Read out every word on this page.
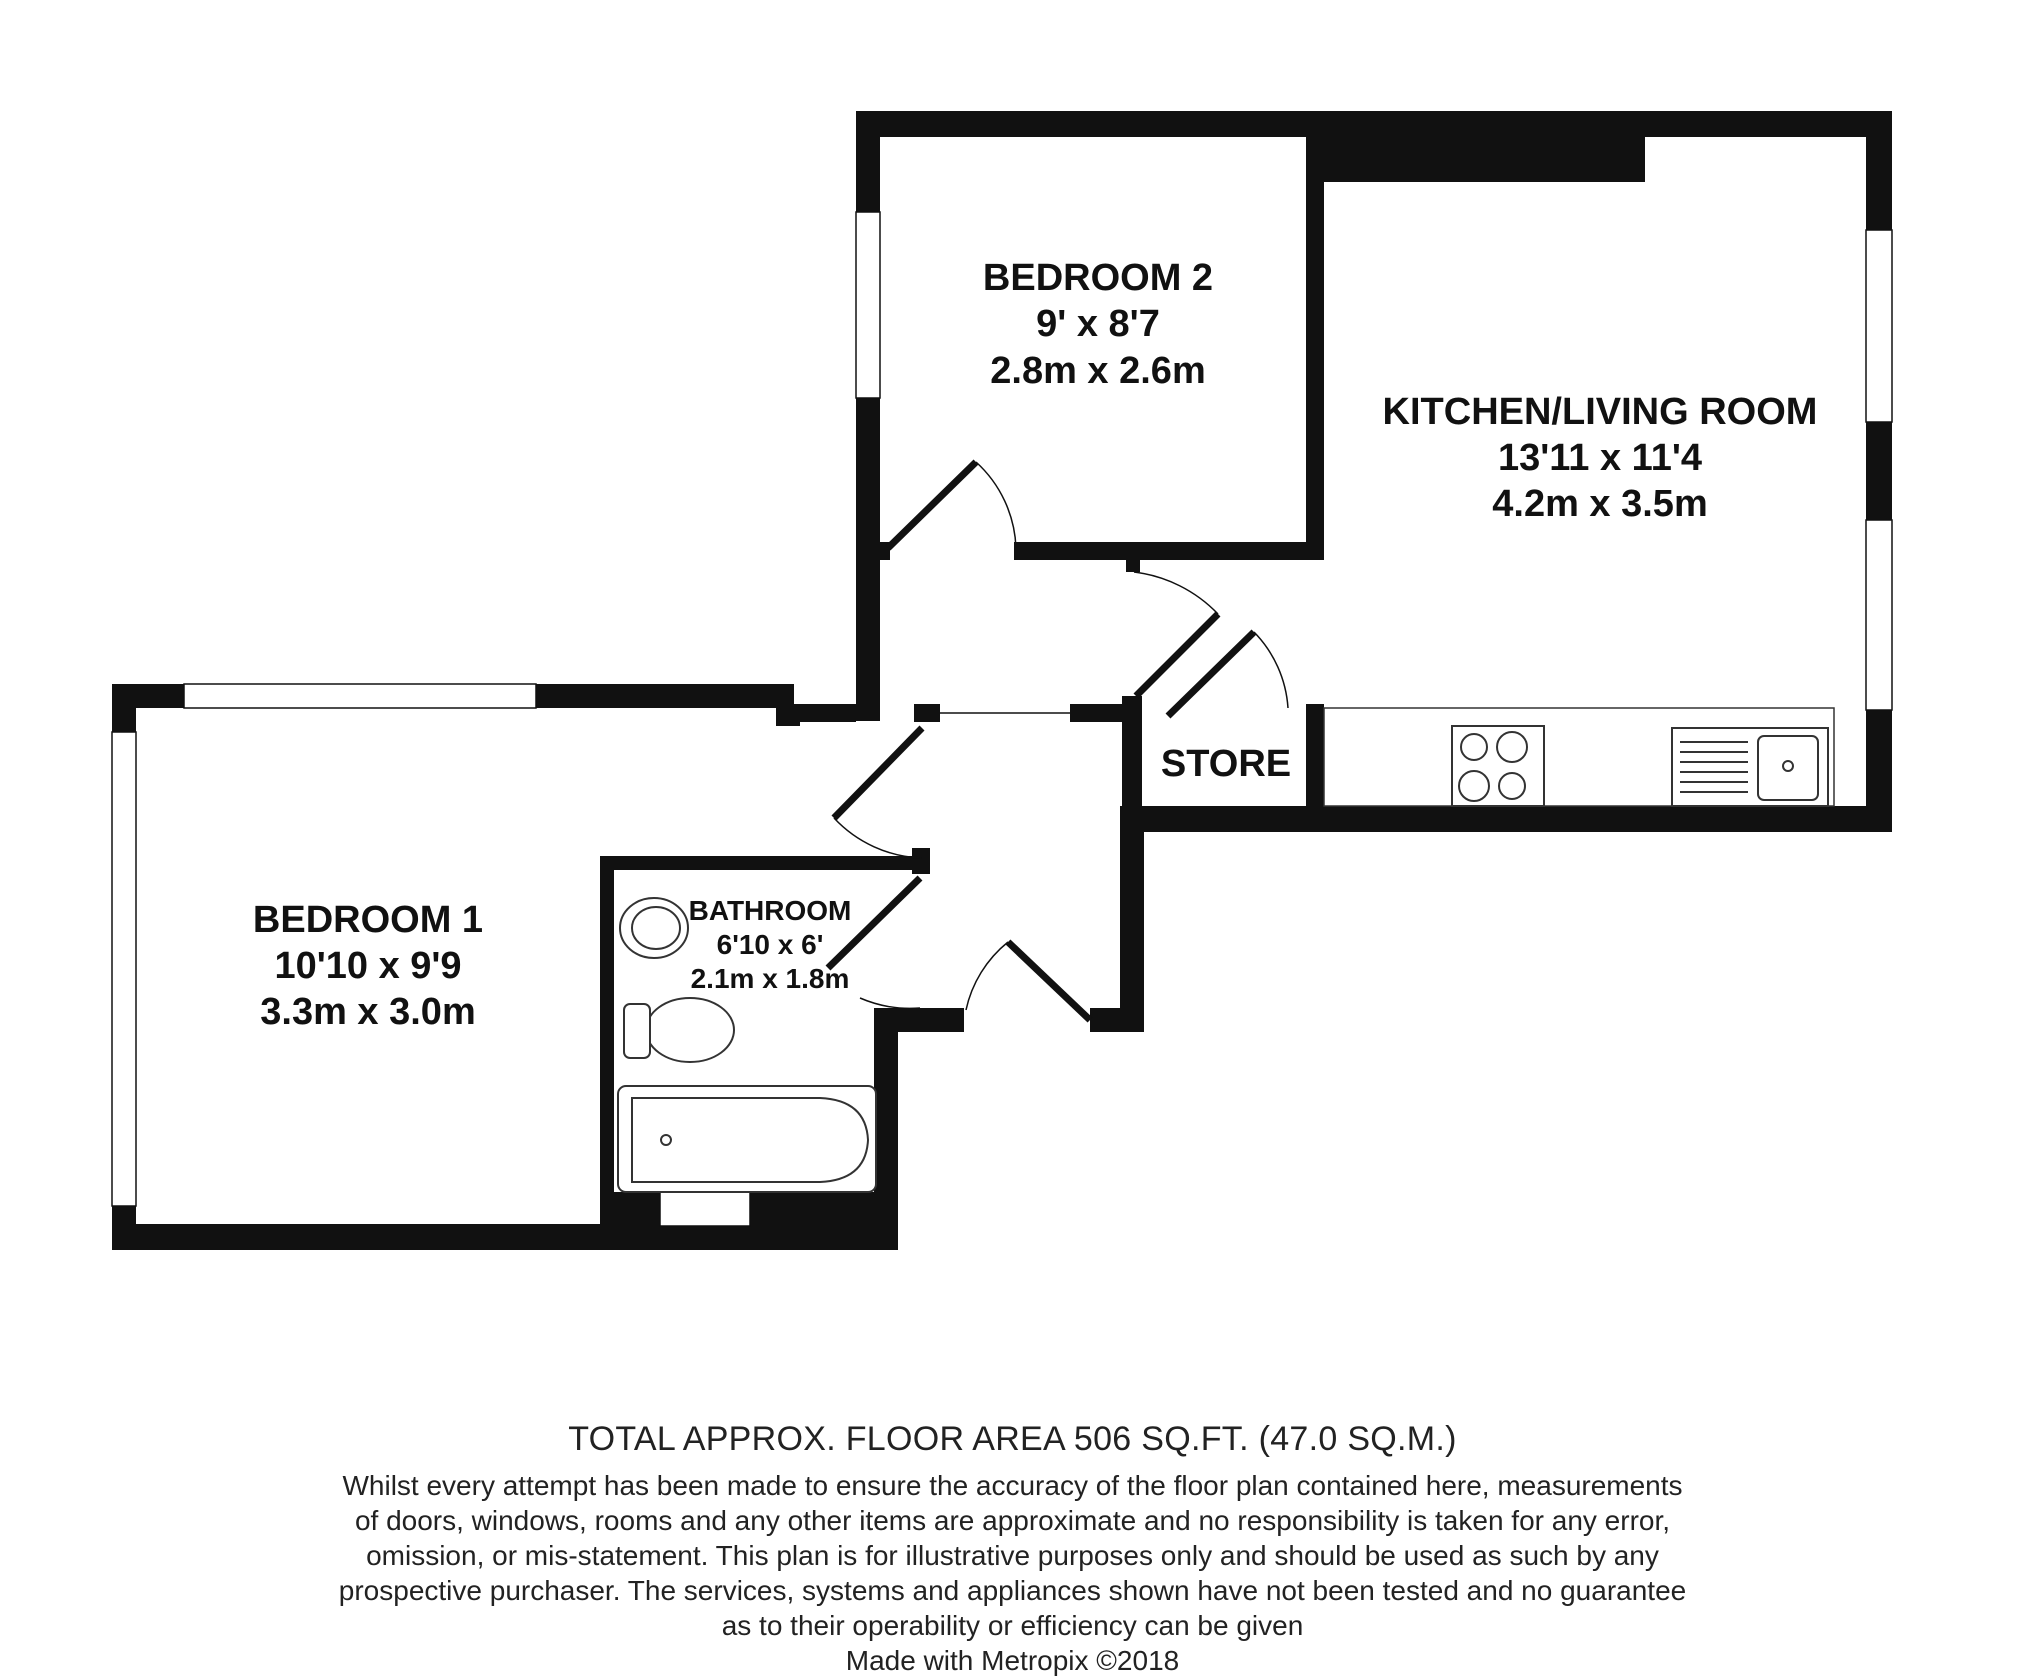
BEDROOM 2
9' x 8'7
2.8m x 2.6m
KITCHEN/LIVING ROOM
13'11 x 11'4
4.2m x 3.5m
BEDROOM 1
10'10 x 9'9
3.3m x 3.0m
BATHROOM
6'10 x 6'
2.1m x 1.8m
STORE
TOTAL APPROX. FLOOR AREA 506 SQ.FT. (47.0 SQ.M.)
Whilst every attempt has been made to ensure the accuracy of the floor plan contained here, measurements
of doors, windows, rooms and any other items are approximate and no responsibility is taken for any error,
omission, or mis-statement. This plan is for illustrative purposes only and should be used as such by any
prospective purchaser. The services, systems and appliances shown have not been tested and no guarantee
as to their operability or efficiency can be given
Made with Metropix ©2018
